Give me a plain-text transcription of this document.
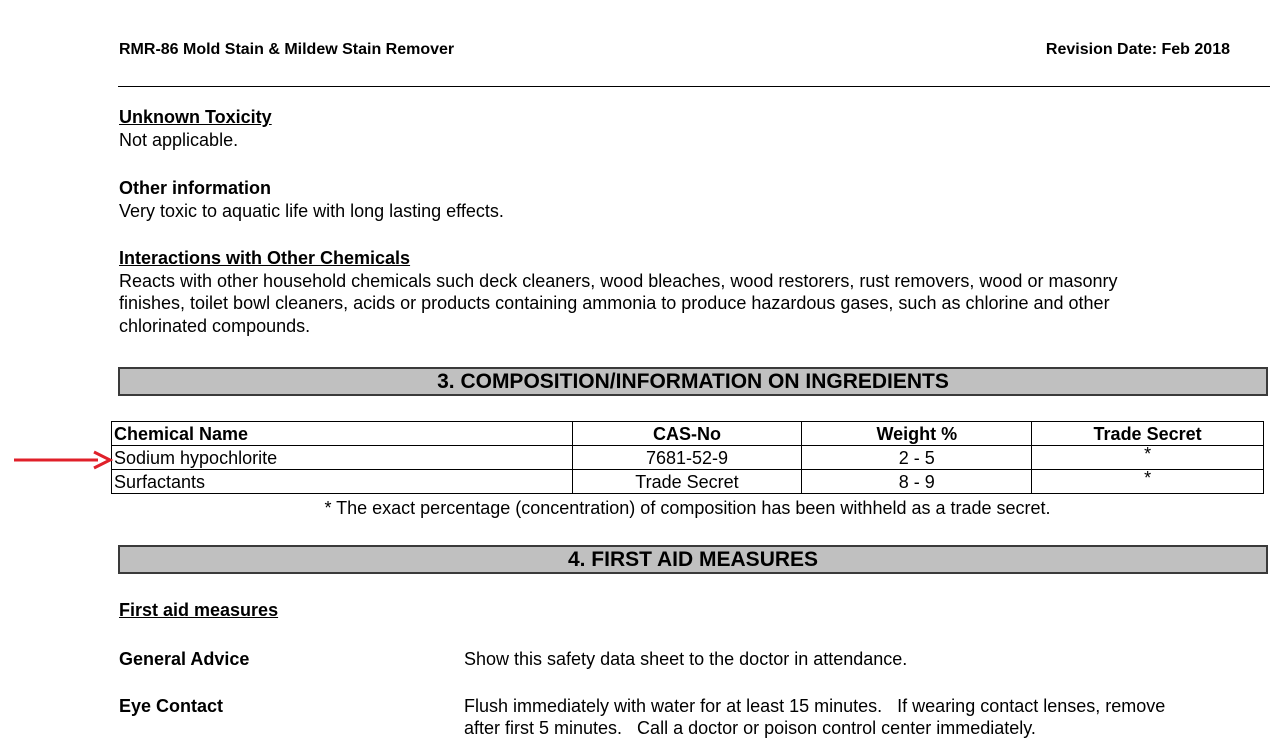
RMR-86 Mold Stain & Mildew Stain Remover	Revision Date: Feb 2018
Unknown Toxicity
Not applicable.
Other information
Very toxic to aquatic life with long lasting effects.
Interactions with Other Chemicals
Reacts with other household chemicals such deck cleaners, wood bleaches, wood restorers, rust removers, wood or masonry
finishes, toilet bowl cleaners, acids or products containing ammonia to produce hazardous gases, such as chlorine and other
chlorinated compounds.
3. COMPOSITION/INFORMATION ON INGREDIENTS
Chemical Name	CAS-No	Weight %	Trade Secret
Sodium hypochlorite	7681-52-9	2 - 5	*
Surfactants	Trade Secret	8 - 9	*
* The exact percentage (concentration) of composition has been withheld as a trade secret.
4. FIRST AID MEASURES
First aid measures
General Advice	Show this safety data sheet to the doctor in attendance.
Eye Contact	Flush immediately with water for at least 15 minutes.   If wearing contact lenses, remove
after first 5 minutes.   Call a doctor or poison control center immediately.
